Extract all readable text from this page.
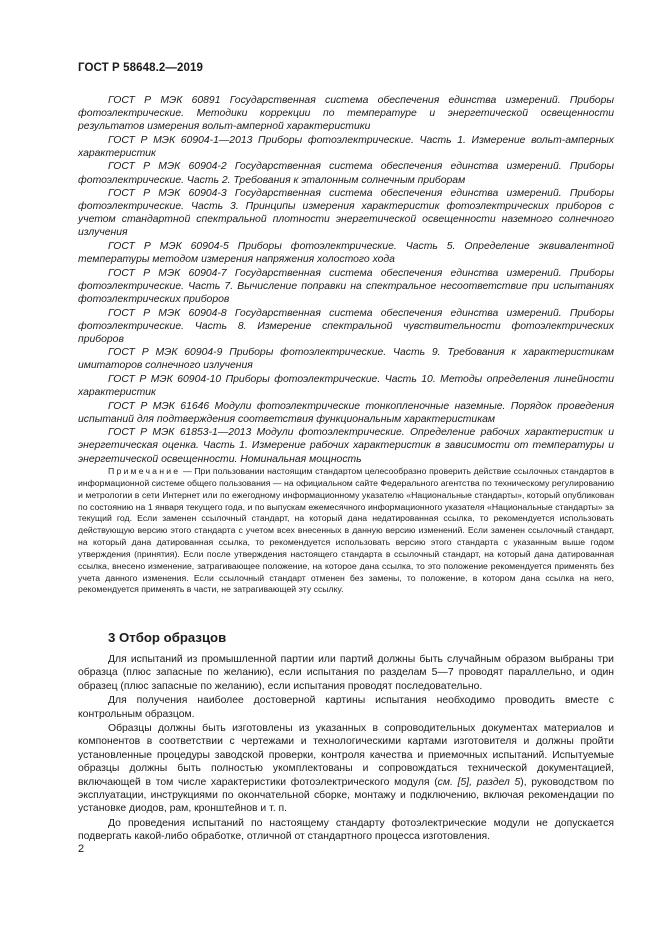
ГОСТ Р 58648.2—2019

ГОСТ Р МЭК 60891 Государственная система обеспечения единства измерений. Приборы фотоэлектрические. Методики коррекции по температуре и энергетической освещенности результатов измерения вольт-амперной характеристики

ГОСТ Р МЭК 60904-1—2013 Приборы фотоэлектрические. Часть 1. Измерение вольт-амперных характеристик

ГОСТ Р МЭК 60904-2 Государственная система обеспечения единства измерений. Приборы фотоэлектрические. Часть 2. Требования к эталонным солнечным приборам

ГОСТ Р МЭК 60904-3 Государственная система обеспечения единства измерений. Приборы фотоэлектрические. Часть 3. Принципы измерения характеристик фотоэлектрических приборов с учетом стандартной спектральной плотности энергетической освещенности наземного солнечного излучения

ГОСТ Р МЭК 60904-5 Приборы фотоэлектрические. Часть 5. Определение эквивалентной температуры методом измерения напряжения холостого хода

ГОСТ Р МЭК 60904-7 Государственная система обеспечения единства измерений. Приборы фотоэлектрические. Часть 7. Вычисление поправки на спектральное несоответствие при испытаниях фотоэлектрических приборов

ГОСТ Р МЭК 60904-8 Государственная система обеспечения единства измерений. Приборы фотоэлектрические. Часть 8. Измерение спектральной чувствительности фотоэлектрических приборов

ГОСТ Р МЭК 60904-9 Приборы фотоэлектрические. Часть 9. Требования к характеристикам имитаторов солнечного излучения

ГОСТ Р МЭК 60904-10 Приборы фотоэлектрические. Часть 10. Методы определения линейности характеристик

ГОСТ Р МЭК 61646 Модули фотоэлектрические тонкопленочные наземные. Порядок проведения испытаний для подтверждения соответствия функциональным характеристикам

ГОСТ Р МЭК 61853-1—2013 Модули фотоэлектрические. Определение рабочих характеристик и энергетическая оценка. Часть 1. Измерение рабочих характеристик в зависимости от температуры и энергетической освещенности. Номинальная мощность

Примечание — При пользовании настоящим стандартом целесообразно проверить действие ссылочных стандартов в информационной системе общего пользования — на официальном сайте Федерального агентства по техническому регулированию и метрологии в сети Интернет или по ежегодному информационному указателю «Национальные стандарты», который опубликован по состоянию на 1 января текущего года, и по выпускам ежемесячного информационного указателя «Национальные стандарты» за текущий год. Если заменен ссылочный стандарт, на который дана недатированная ссылка, то рекомендуется использовать действующую версию этого стандарта с учетом всех внесенных в данную версию изменений. Если заменен ссылочный стандарт, на который дана датированная ссылка, то рекомендуется использовать версию этого стандарта с указанным выше годом утверждения (принятия). Если после утверждения настоящего стандарта в ссылочный стандарт, на который дана датированная ссылка, внесено изменение, затрагивающее положение, на которое дана ссылка, то это положение рекомендуется применять без учета данного изменения. Если ссылочный стандарт отменен без замены, то положение, в котором дана ссылка на него, рекомендуется применять в части, не затрагивающей эту ссылку.
3 Отбор образцов

Для испытаний из промышленной партии или партий должны быть случайным образом выбраны три образца (плюс запасные по желанию), если испытания по разделам 5—7 проводят параллельно, и один образец (плюс запасные по желанию), если испытания проводят последовательно.

Для получения наиболее достоверной картины испытания необходимо проводить вместе с контрольным образцом.

Образцы должны быть изготовлены из указанных в сопроводительных документах материалов и компонентов в соответствии с чертежами и технологическими картами изготовителя и должны пройти установленные процедуры заводской проверки, контроля качества и приемочных испытаний. Испытуемые образцы должны быть полностью укомплектованы и сопровождаться технической документацией, включающей в том числе характеристики фотоэлектрического модуля (см. [5], раздел 5), руководством по эксплуатации, инструкциями по окончательной сборке, монтажу и подключению, включая рекомендации по установке диодов, рам, кронштейнов и т. п.

До проведения испытаний по настоящему стандарту фотоэлектрические модули не допускается подвергать какой-либо обработке, отличной от стандартного процесса изготовления.

2
